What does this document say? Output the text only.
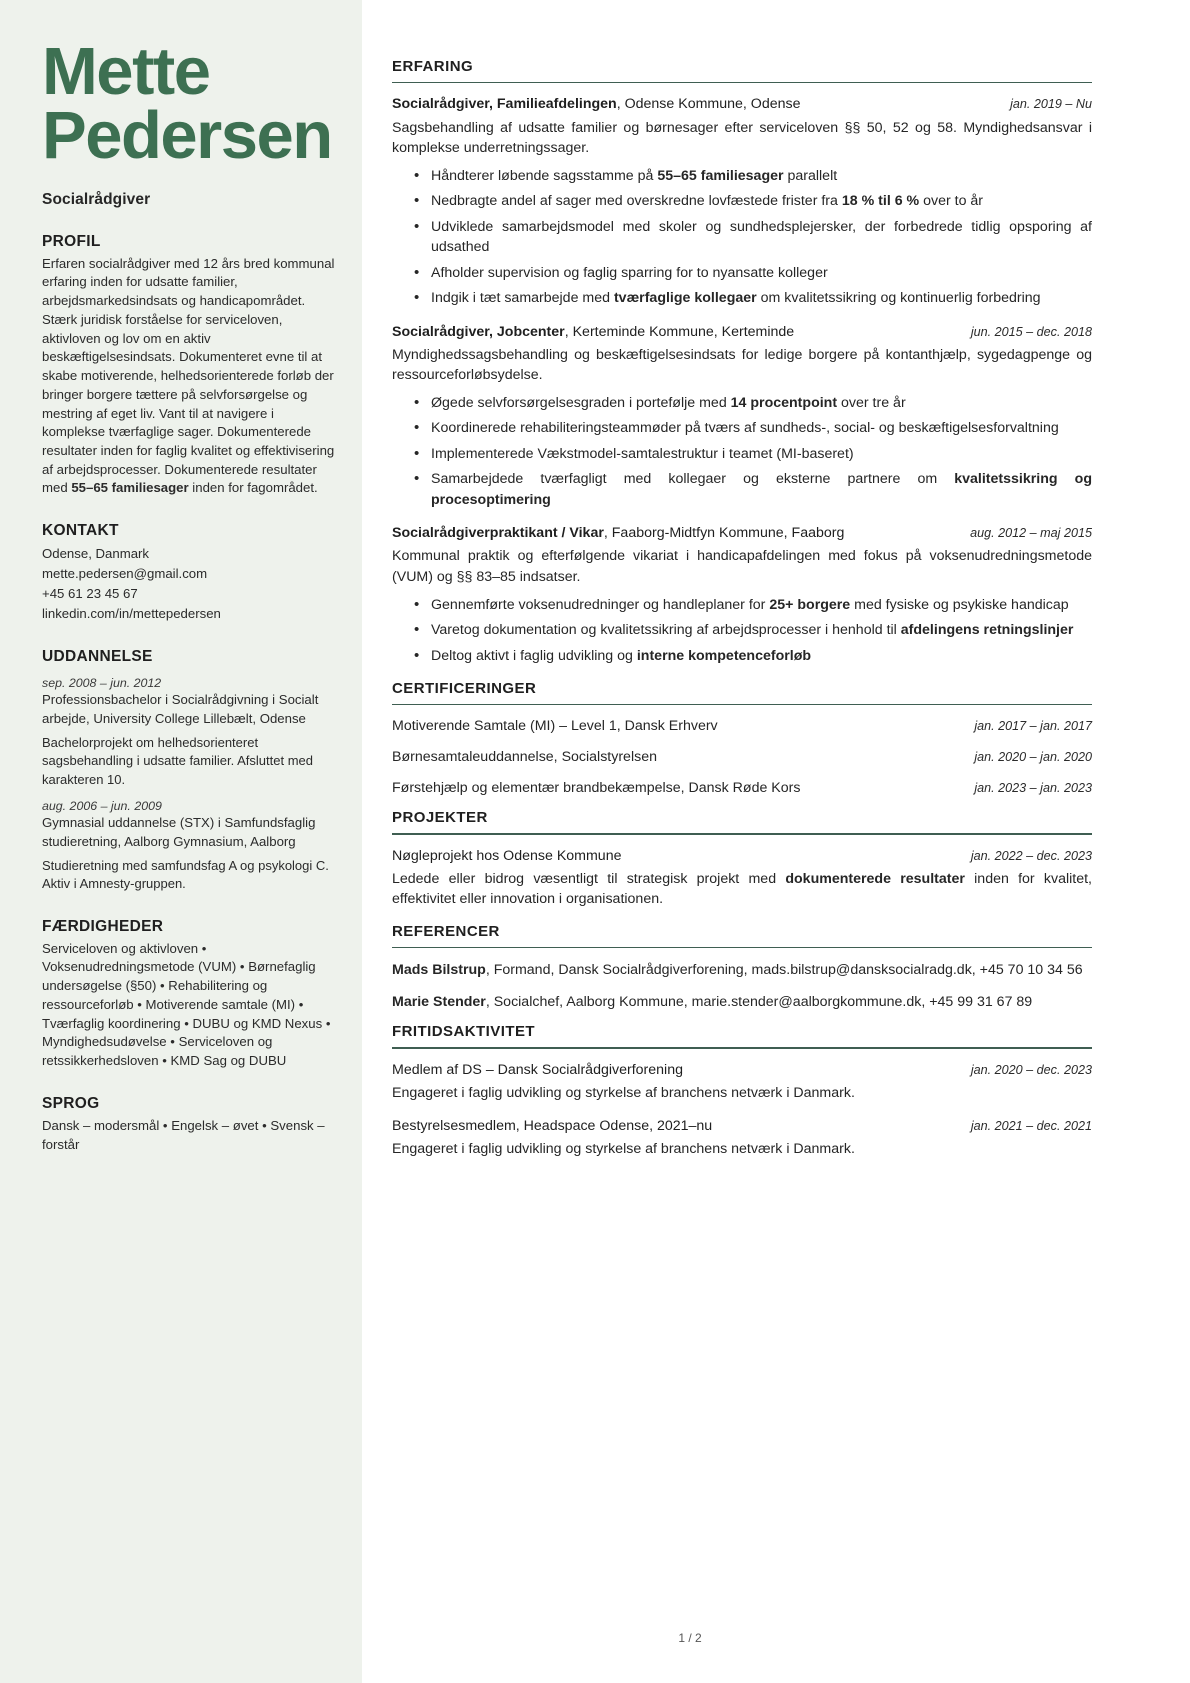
Mette
Pedersen
Socialrådgiver
PROFIL
Erfaren socialrådgiver med 12 års bred kommunal erfaring inden for udsatte familier, arbejdsmarkedsindsats og handicapområdet. Stærk juridisk forståelse for serviceloven, aktivloven og lov om en aktiv beskæftigelsesindsats. Dokumenteret evne til at skabe motiverende, helhedsorienterede forløb der bringer borgere tættere på selvforsørgelse og mestring af eget liv. Vant til at navigere i komplekse tværfaglige sager. Dokumenterede resultater inden for faglig kvalitet og effektivisering af arbejdsprocesser. Dokumenterede resultater med 55–65 familiesager inden for fagområdet.
KONTAKT
Odense, Danmark
mette.pedersen@gmail.com
+45 61 23 45 67
linkedin.com/in/mettepedersen
UDDANNELSE
sep. 2008 – jun. 2012
Professionsbachelor i Socialrådgivning i Socialt arbejde, University College Lillebælt, Odense
Bachelorprojekt om helhedsorienteret sagsbehandling i udsatte familier. Afsluttet med karakteren 10.
aug. 2006 – jun. 2009
Gymnasial uddannelse (STX) i Samfundsfaglig studieretning, Aalborg Gymnasium, Aalborg
Studieretning med samfundsfag A og psykologi C. Aktiv i Amnesty-gruppen.
FÆRDIGHEDER
Serviceloven og aktivloven • Voksenudredningsmetode (VUM) • Børnefaglig undersøgelse (§50) • Rehabilitering og ressourceforløb • Motiverende samtale (MI) • Tværfaglig koordinering • DUBU og KMD Nexus • Myndighedsudøvelse • Serviceloven og retssikkerhedsloven • KMD Sag og DUBU
SPROG
Dansk – modersmål • Engelsk – øvet • Svensk – forstår
ERFARING
Socialrådgiver, Familieafdelingen, Odense Kommune, Odense	jan. 2019 – Nu
Sagsbehandling af udsatte familier og børnesager efter serviceloven §§ 50, 52 og 58. Myndighedsansvar i komplekse underretningssager.
• Håndterer løbende sagsstamme på 55–65 familiesager parallelt
• Nedbragte andel af sager med overskredne lovfæstede frister fra 18 % til 6 % over to år
• Udviklede samarbejdsmodel med skoler og sundhedsplejersker, der forbedrede tidlig opsporing af udsathed
• Afholder supervision og faglig sparring for to nyansatte kolleger
• Indgik i tæt samarbejde med tværfaglige kollegaer om kvalitetssikring og kontinuerlig forbedring
Socialrådgiver, Jobcenter, Kerteminde Kommune, Kerteminde	jun. 2015 – dec. 2018
Myndighedssagsbehandling og beskæftigelsesindsats for ledige borgere på kontanthjælp, sygedagpenge og ressourceforløbsydelse.
• Øgede selvforsørgelsesgraden i portefølje med 14 procentpoint over tre år
• Koordinerede rehabiliteringsteammøder på tværs af sundheds-, social- og beskæftigelsesforvaltning
• Implementerede Vækstmodel-samtalestruktur i teamet (MI-baseret)
• Samarbejdede tværfagligt med kollegaer og eksterne partnere om kvalitetssikring og procesoptimering
Socialrådgiverpraktikant / Vikar, Faaborg-Midtfyn Kommune, Faaborg	aug. 2012 – maj 2015
Kommunal praktik og efterfølgende vikariat i handicapafdelingen med fokus på voksenudredningsmetode (VUM) og §§ 83–85 indsatser.
• Gennemførte voksenudredninger og handleplaner for 25+ borgere med fysiske og psykiske handicap
• Varetog dokumentation og kvalitetssikring af arbejdsprocesser i henhold til afdelingens retningslinjer
• Deltog aktivt i faglig udvikling og interne kompetenceforløb
CERTIFICERINGER
Motiverende Samtale (MI) – Level 1, Dansk Erhverv	jan. 2017 – jan. 2017
Børnesamtaleuddannelse, Socialstyrelsen	jan. 2020 – jan. 2020
Førstehjælp og elementær brandbekæmpelse, Dansk Røde Kors	jan. 2023 – jan. 2023
PROJEKTER
Nøgleprojekt hos Odense Kommune	jan. 2022 – dec. 2023
Ledede eller bidrog væsentligt til strategisk projekt med dokumenterede resultater inden for kvalitet, effektivitet eller innovation i organisationen.
REFERENCER
Mads Bilstrup, Formand, Dansk Socialrådgiverforening, mads.bilstrup@dansksocialradg.dk, +45 70 10 34 56
Marie Stender, Socialchef, Aalborg Kommune, marie.stender@aalborgkommune.dk, +45 99 31 67 89
FRITIDSAKTIVITET
Medlem af DS – Dansk Socialrådgiverforening	jan. 2020 – dec. 2023
Engageret i faglig udvikling og styrkelse af branchens netværk i Danmark.
Bestyrelsesmedlem, Headspace Odense, 2021–nu	jan. 2021 – dec. 2021
Engageret i faglig udvikling og styrkelse af branchens netværk i Danmark.
1 / 2
